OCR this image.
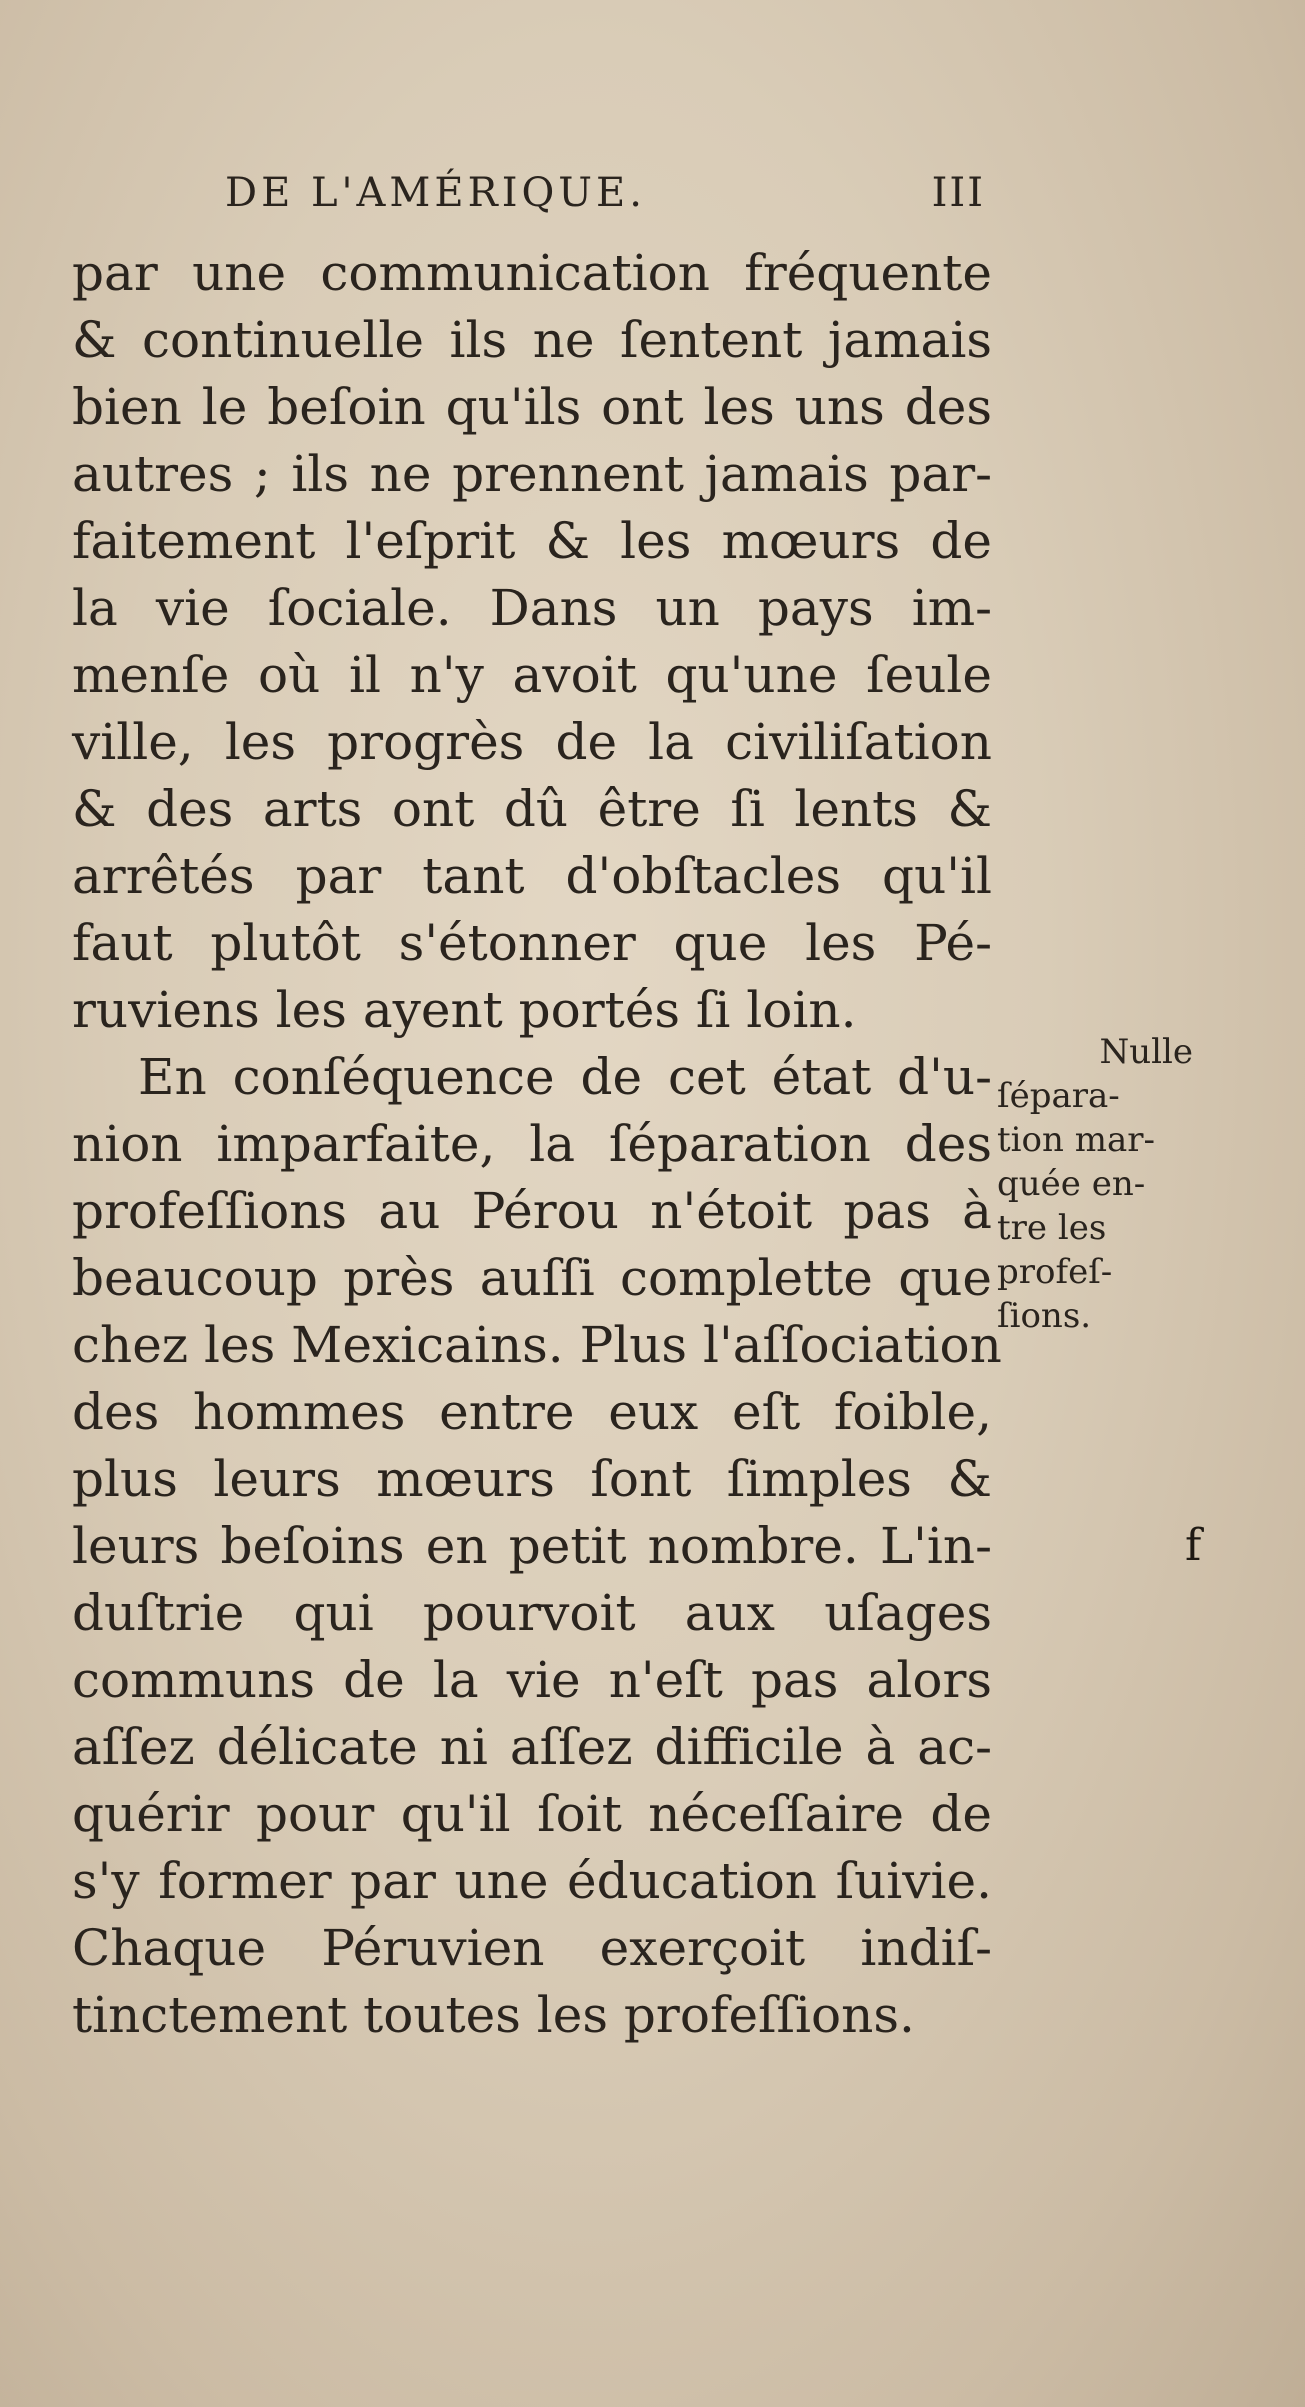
DE L'AMÉRIQUE.	III
par une communication fréquente
& continuelle ils ne ſentent jamais
bien le beſoin qu'ils ont les uns des
autres ; ils ne prennent jamais par-
faitement l'eſprit & les mœurs de
la vie ſociale. Dans un pays im-
menſe où il n'y avoit qu'une ſeule
ville, les progrès de la civiliſation
& des arts ont dû être ſi lents &
arrêtés par tant d'obſtacles qu'il
faut plutôt s'étonner que les Pé-
ruviens les ayent portés ſi loin.
En conſéquence de cet état d'u-
nion imparfaite, la ſéparation des
profeſſions au Pérou n'étoit pas à
beaucoup près auſſi complette que
chez les Mexicains. Plus l'aſſociation
des hommes entre eux eſt foible,
plus leurs mœurs ſont ſimples &
leurs beſoins en petit nombre. L'in-
duſtrie qui pourvoit aux uſages
communs de la vie n'eſt pas alors
aſſez délicate ni aſſez difficile à ac-
quérir pour qu'il ſoit néceſſaire de
s'y former par une éducation ſuivie.
Chaque Péruvien exerçoit indiſ-
tinctement toutes les profeſſions.
Nulle
ſépara-
tion mar-
quée en-
tre les
profeſ-
ſions.
f
